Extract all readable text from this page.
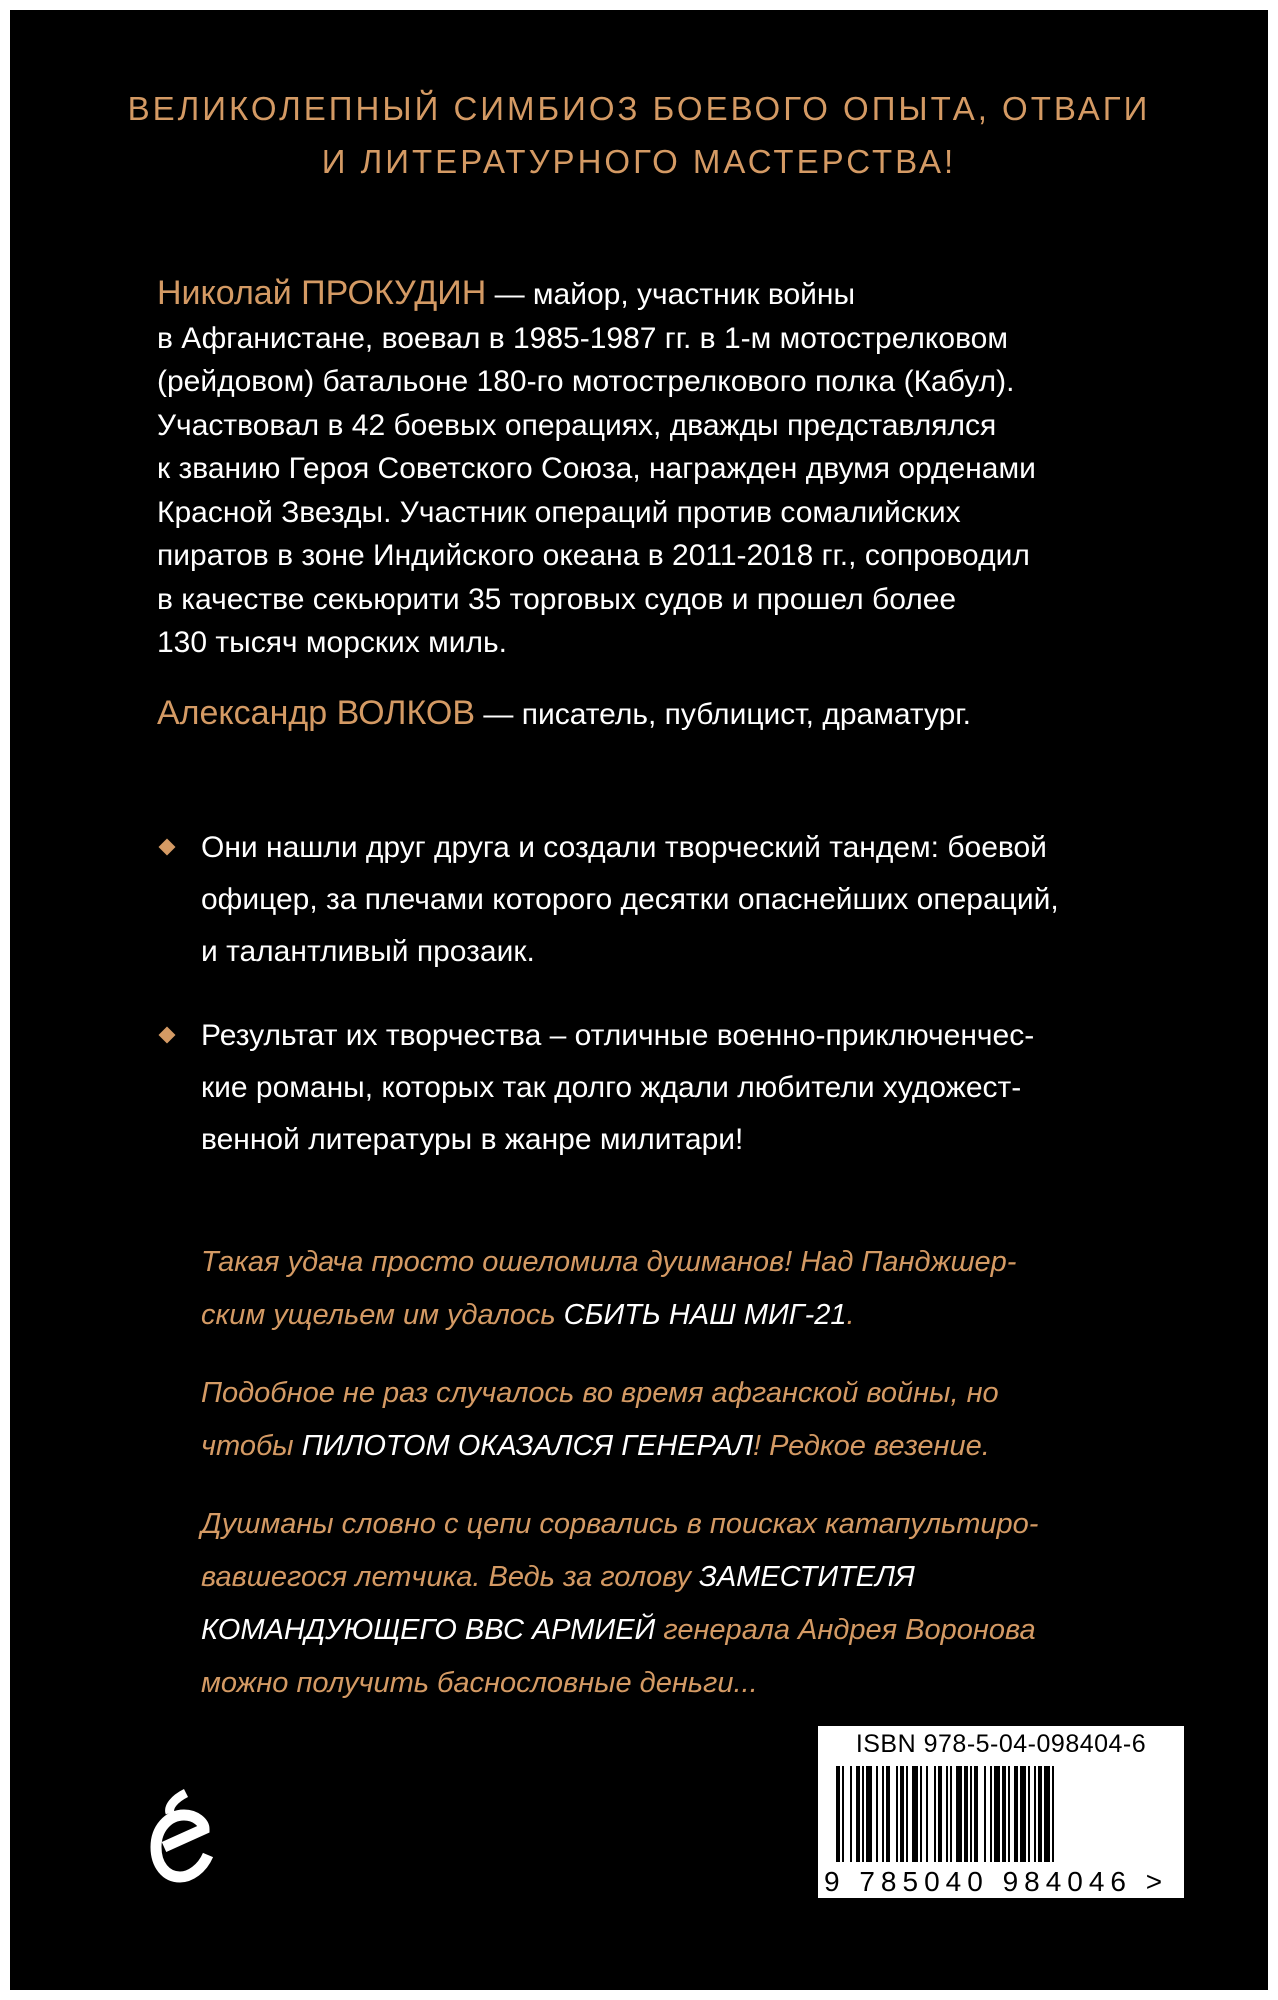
ВЕЛИКОЛЕПНЫЙ СИМБИОЗ БОЕВОГО ОПЫТА, ОТВАГИ
И ЛИТЕРАТУРНОГО МАСТЕРСТВА!
Николай ПРОКУДИН — майор, участник войны
в Афганистане, воевал в 1985-1987 гг. в 1-м мотострелковом
(рейдовом) батальоне 180-го мотострелкового полка (Кабул).
Участвовал в 42 боевых операциях, дважды представлялся
к званию Героя Советского Союза, награжден двумя орденами
Красной Звезды. Участник операций против сомалийских
пиратов в зоне Индийского океана в 2011-2018 гг., сопроводил
в качестве секьюрити 35 торговых судов и прошел более
130 тысяч морских миль.
Александр ВОЛКОВ — писатель, публицист, драматург.
Они нашли друг друга и создали творческий тандем: боевой
офицер, за плечами которого десятки опаснейших операций,
и талантливый прозаик.
Результат их творчества – отличные военно-приключенчес-
кие романы, которых так долго ждали любители художест-
венной литературы в жанре милитари!
Такая удача просто ошеломила душманов! Над Панджшер-
ским ущельем им удалось СБИТЬ НАШ МИГ-21.
Подобное не раз случалось во время афганской войны, но
чтобы ПИЛОТОМ ОКАЗАЛСЯ ГЕНЕРАЛ! Редкое везение.
Душманы словно с цепи сорвались в поисках катапультиро-
вавшегося летчика. Ведь за голову ЗАМЕСТИТЕЛЯ
КОМАНДУЮЩЕГО ВВС АРМИЕЙ генерала Андрея Воронова
можно получить баснословные деньги...
ISBN 978-5-04-098404-6
9 785040 984046 >
